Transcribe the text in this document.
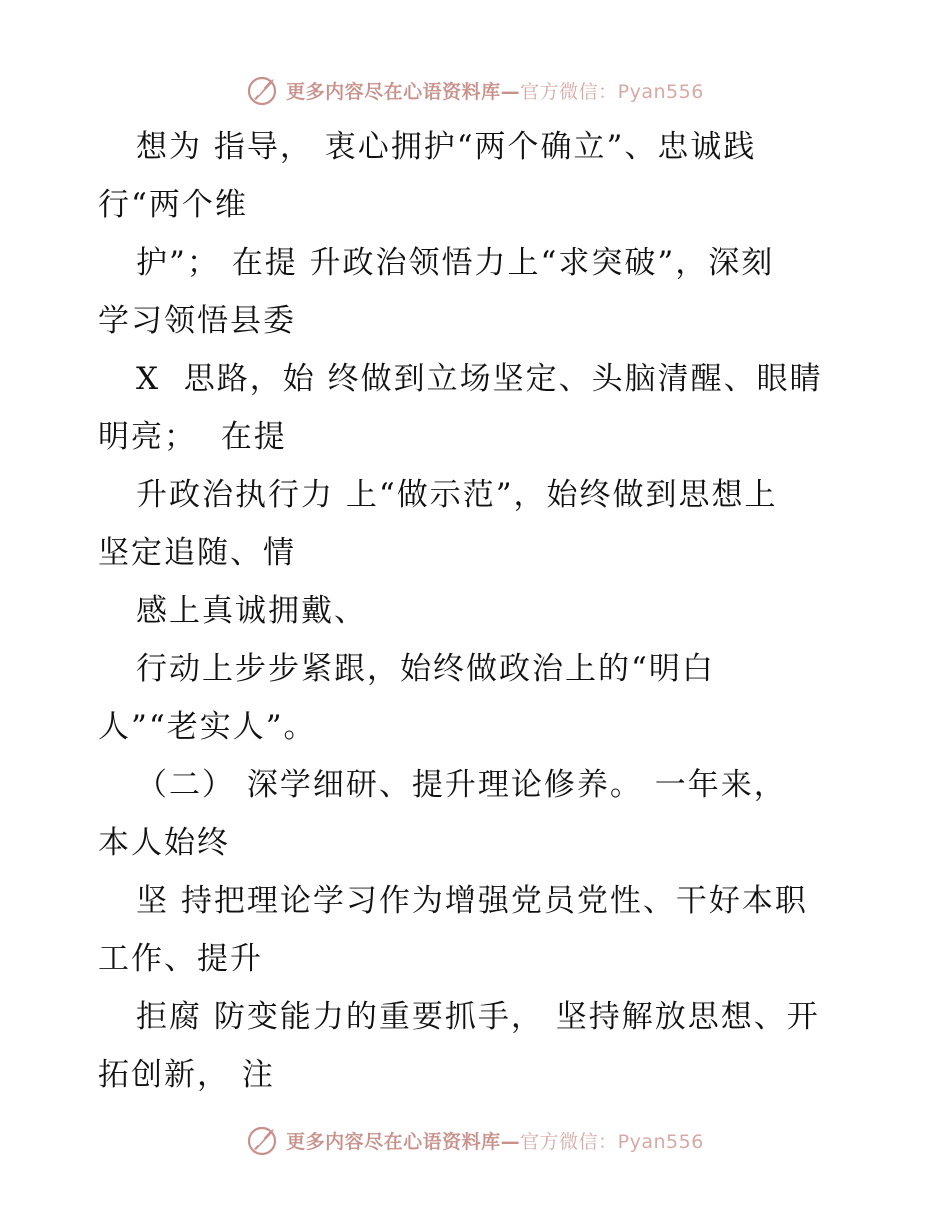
更多内容尽在心语资料库—官方微信：Pyan556
想为 指导， 衷心拥护“两个确立”、忠诚践
行“两个维
护”； 在提 升政治领悟力上“求突破”，深刻
学习领悟县委
X  思路，始 终做到立场坚定、头脑清醒、眼睛
明亮；  在提
升政治执行力 上“做示范”，始终做到思想上
坚定追随、情
感上真诚拥戴、
行动上步步紧跟，始终做政治上的“明白
人”“老实人”。
（二） 深学细研、提升理论修养。 一年来，
本人始终
坚 持把理论学习作为增强党员党性、干好本职
工作、提升
拒腐 防变能力的重要抓手， 坚持解放思想、开
拓创新， 注
更多内容尽在心语资料库—官方微信：Pyan556
